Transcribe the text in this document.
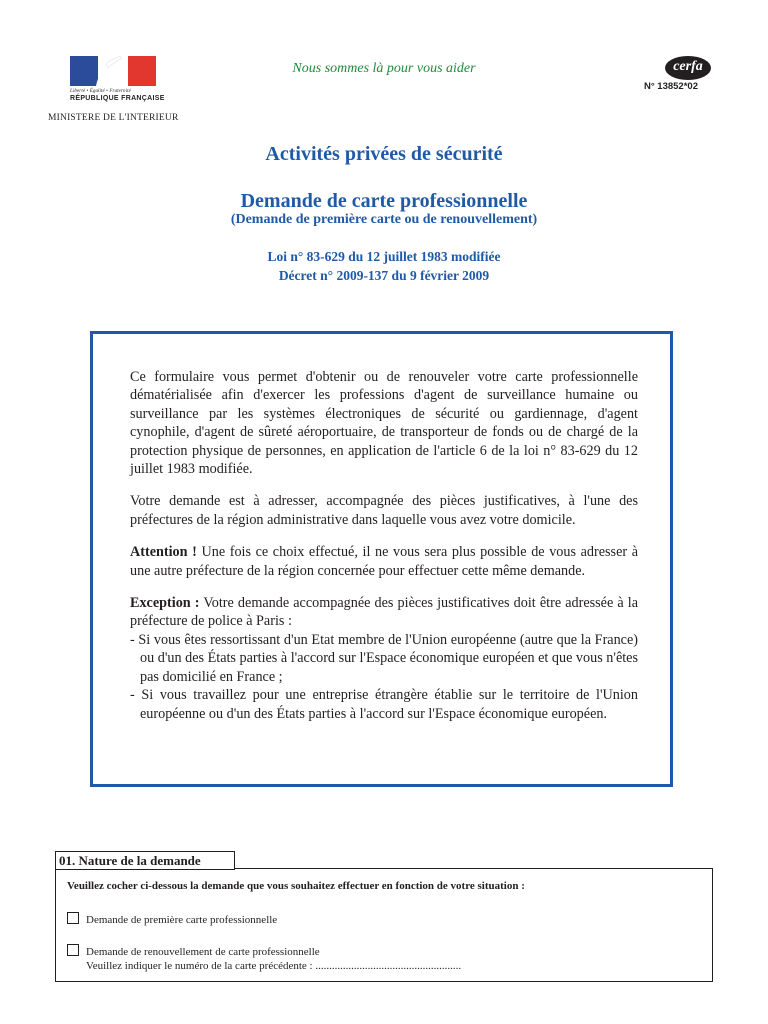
Liberté • Égalité • Fraternité
RÉPUBLIQUE FRANÇAISE
MINISTERE DE L'INTERIEUR
Nous sommes là pour vous aider	cerfa
N° 13852*02
Activités privées de sécurité
Demande de carte professionnelle
(Demande de première carte ou de renouvellement)
Loi n° 83-629 du 12 juillet 1983 modifiée
Décret n° 2009-137 du 9 février 2009

Ce formulaire vous permet d'obtenir ou de renouveler votre carte professionnelle dématérialisée afin d'exercer les professions d'agent de surveillance humaine ou surveillance par les systèmes électroniques de sécurité ou gardiennage, d'agent cynophile, d'agent de sûreté aéroportuaire, de transporteur de fonds ou de chargé de la protection physique de personnes, en application de l'article 6 de la loi n° 83-629 du 12 juillet 1983 modifiée.

Votre demande est à adresser, accompagnée des pièces justificatives, à l'une des préfectures de la région administrative dans laquelle vous avez votre domicile.

Attention ! Une fois ce choix effectué, il ne vous sera plus possible de vous adresser à une autre préfecture de la région concernée pour effectuer cette même demande.

Exception : Votre demande accompagnée des pièces justificatives doit être adressée à la préfecture de police à Paris :

- Si vous êtes ressortissant d'un Etat membre de l'Union européenne (autre que la France) ou d'un des États parties à l'accord sur l'Espace économique européen et que vous n'êtes pas domicilié en France ;

- Si vous travaillez pour une entreprise étrangère établie sur le territoire de l'Union européenne ou d'un des États parties à l'accord sur l'Espace économique européen.

01. Nature de la demande
Veuillez cocher ci-dessous la demande que vous souhaitez effectuer en fonction de votre situation :
Demande de première carte professionnelle
Demande de renouvellement de carte professionnelle
Veuillez indiquer le numéro de la carte précédente : .....................................................
